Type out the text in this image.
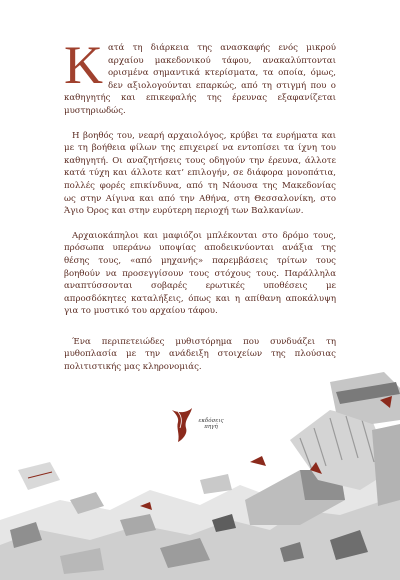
Κατά τη διάρκεια της ανασκαφής ενός μικρού αρχαίου μακεδονικού τάφου, ανακαλύπτονται ορισμένα σημαντικά κτερίσματα, τα οποία, όμως, δεν αξιολογούνται επαρκώς, από τη στιγμή που ο καθηγητής και επικεφαλής της έρευνας εξαφανίζεται μυστηριωδώς.

Η βοηθός του, νεαρή αρχαιολόγος, κρύβει τα ευρήματα και με τη βοήθεια φίλων της επιχειρεί να εντοπίσει τα ίχνη του καθηγητή. Οι αναζητήσεις τους οδηγούν την έρευνα, άλλοτε κατά τύχη και άλλοτε κατ’ επιλογήν, σε διάφορα μονοπάτια, πολλές φορές επικίνδυνα, από τη Νάουσα της Μακεδονίας ως στην Αίγινα και από την Αθήνα, στη Θεσσαλονίκη, στο Άγιο Όρος και στην ευρύτερη περιοχή των Βαλκανίων.

Αρχαιοκάπηλοι και μαφιόζοι μπλέκονται στο δρόμο τους, πρόσωπα υπεράνω υποψίας αποδεικνύονται ανάξια της θέσης τους, «από μηχανής» παρεμβάσεις τρίτων τους βοηθούν να προσεγγίσουν τους στόχους τους. Παράλληλα αναπτύσσονται σοβαρές ερωτικές υποθέσεις με απροσδόκητες καταλήξεις, όπως και η απίθανη αποκάλυψη για το μυστικό του αρχαίου τάφου.

Ένα περιπετειώδες μυθιστόρημα που συνδυάζει τη μυθοπλασία με την ανάδειξη στοιχείων της πλούσιας πολιτιστικής μας κληρονομιάς.

εκδόσεις
πηγή
